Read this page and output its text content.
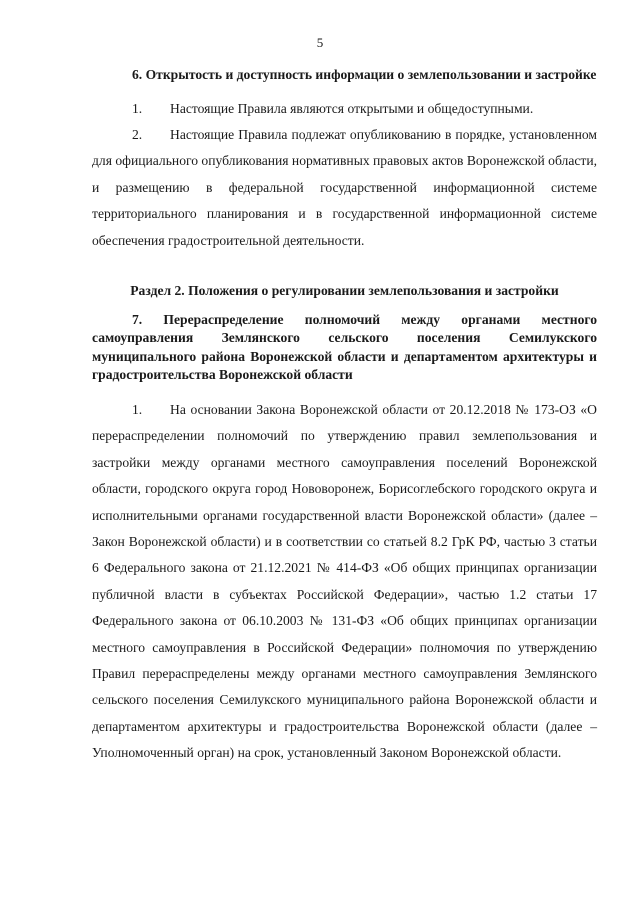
5

6. Открытость и доступность информации о землепользовании и застройке

1. Настоящие Правила являются открытыми и общедоступными.

2. Настоящие Правила подлежат опубликованию в порядке, установленном для официального опубликования нормативных правовых актов Воронежской области, и размещению в федеральной государственной информационной системе территориального планирования и в государственной информационной системе обеспечения градостроительной деятельности.

Раздел 2. Положения о регулировании землепользования и застройки

7. Перераспределение полномочий между органами местного самоуправления Землянского сельского поселения Семилукского муниципального района Воронежской области и департаментом архитектуры и градостроительства Воронежской области

1. На основании Закона Воронежской области от 20.12.2018 № 173-ОЗ «О перераспределении полномочий по утверждению правил землепользования и застройки между органами местного самоуправления поселений Воронежской области, городского округа город Нововоронеж, Борисоглебского городского округа и исполнительными органами государственной власти Воронежской области» (далее – Закон Воронежской области) и в соответствии со статьей 8.2 ГрК РФ, частью 3 статьи 6 Федерального закона от 21.12.2021 № 414-ФЗ «Об общих принципах организации публичной власти в субъектах Российской Федерации», частью 1.2 статьи 17 Федерального закона от 06.10.2003 № 131-ФЗ «Об общих принципах организации местного самоуправления в Российской Федерации» полномочия по утверждению Правил перераспределены между органами местного самоуправления Землянского сельского поселения Семилукского муниципального района Воронежской области и департаментом архитектуры и градостроительства Воронежской области (далее – Уполномоченный орган) на срок, установленный Законом Воронежской области.
